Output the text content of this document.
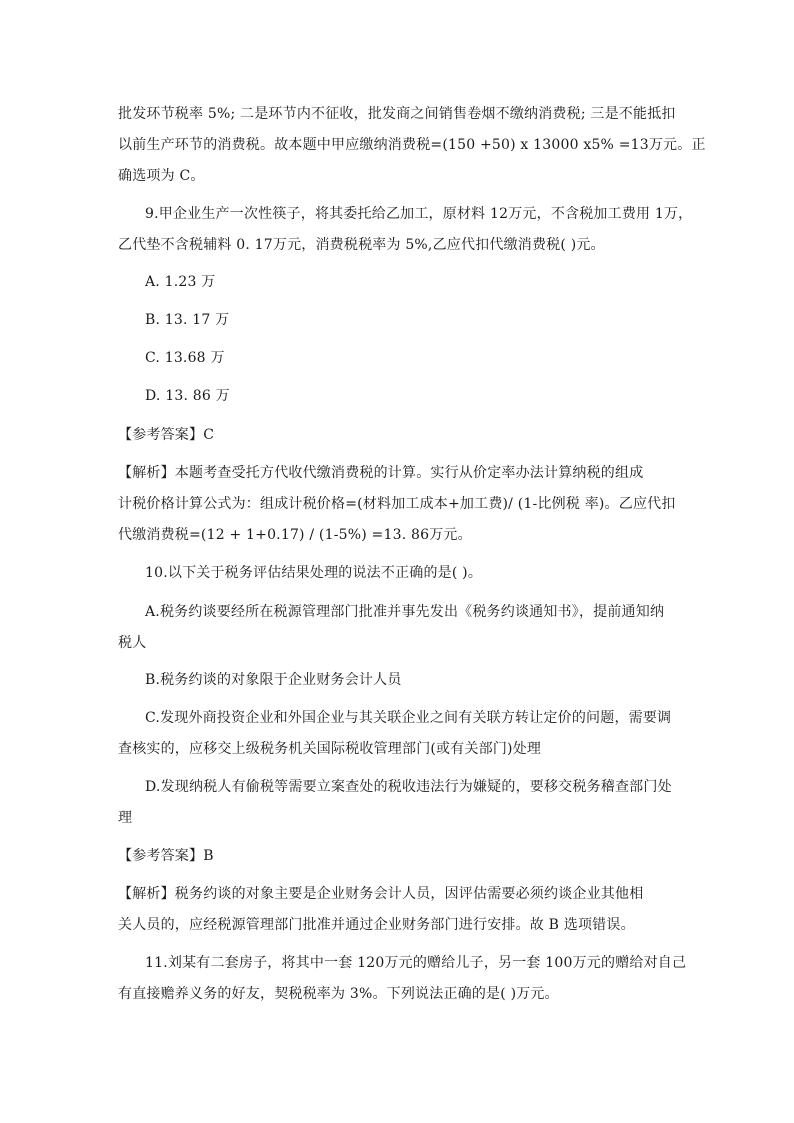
批发环节税率 5%; 二是环节内不征收，批发商之间销售卷烟不缴纳消费税; 三是不能抵扣
以前生产环节的消费税。故本题中甲应缴纳消费税=(150 +50) x 13000 x5% =13万元。正
确选项为 C。
9.甲企业生产一次性筷子，将其委托给乙加工，原材料 12万元，不含税加工费用 1万，
乙代垫不含税辅料 0. 17万元，消费税税率为 5%,乙应代扣代缴消费税( )元。
A. 1.23 万
B. 13. 17 万
C. 13.68 万
D. 13. 86 万
【参考答案】C
【解析】本题考查受托方代收代缴消费税的计算。实行从价定率办法计算纳税的组成
计税价格计算公式为：组成计税价格=(材料加工成本+加工费)/ (1-比例税 率)。乙应代扣
代缴消费税=(12 + 1+0.17) / (1-5%) =13. 86万元。
10.以下关于税务评估结果处理的说法不正确的是( )。
A.税务约谈要经所在税源管理部门批准并事先发出《税务约谈通知书》，提前通知纳
税人
B.税务约谈的对象限于企业财务会计人员
C.发现外商投资企业和外国企业与其关联企业之间有关联方转让定价的问题，需要调
查核实的，应移交上级税务机关国际税收管理部门(或有关部门)处理
D.发现纳税人有偷税等需要立案查处的税收违法行为嫌疑的，要移交税务稽查部门处
理
【参考答案】B
【解析】税务约谈的对象主要是企业财务会计人员，因评估需要必须约谈企业其他相
关人员的，应经税源管理部门批准并通过企业财务部门进行安排。故 B 选项错误。
11.刘某有二套房子，将其中一套 120万元的赠给儿子，另一套 100万元的赠给对自己
有直接赡养义务的好友，契税税率为 3%。下列说法正确的是( )万元。
